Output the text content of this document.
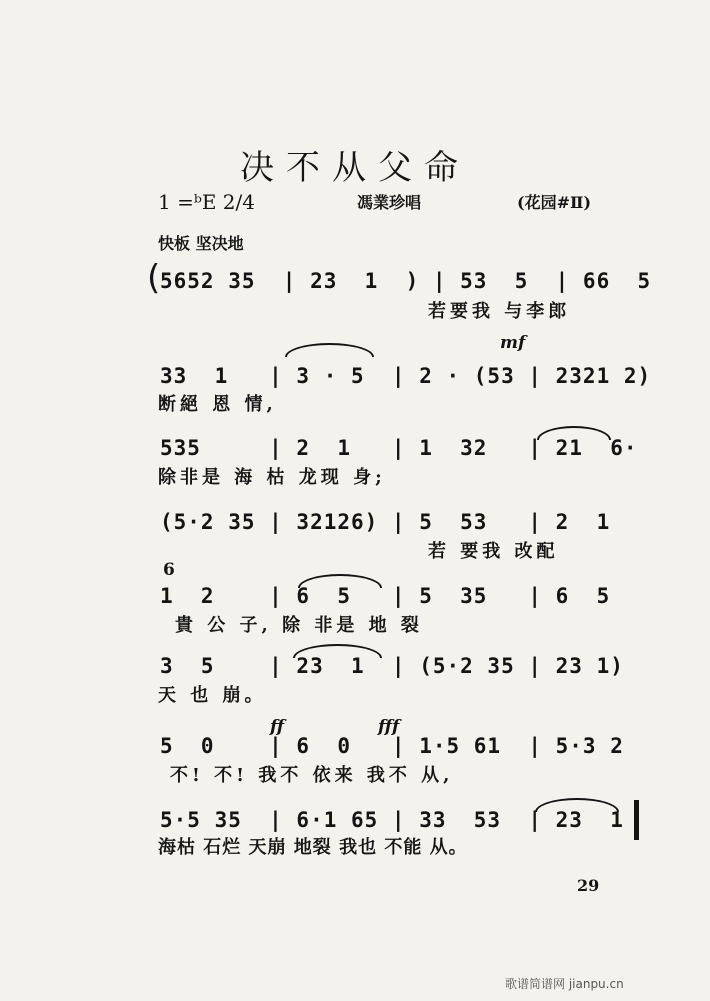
决不从父命
1 =ᵇE 2/4	馮業珍唱	(花园#Ⅱ)
快板 坚决地
( 5652 35  | 23  1  ) | 53  5  | 66  5
若要我 与李郎
mf
33  1   | 3 · 5  | 2 · (53 | 2321 2)
断絕 恩 情,
535     | 2  1   | 1  32   | 21  6·
除非是 海 枯 龙现 身;
(5·2 35 | 32126) | 5  53   | 2  1
若 要我 改配
6
1  2    | 6  5   | 5  35   | 6  5
貴 公 子, 除 非是 地 裂
3  5    | 23  1  | (5·2 35 | 23 1)
天 也 崩。
ff	fff
5  0    | 6  0   | 1·5 61  | 5·3 2
不! 不! 我不 依来 我不 从,
5·5 35  | 6·1 65 | 33  53  | 23  1
海枯 石烂 天崩 地裂 我也 不能 从。
29
歌谱简谱网 jianpu.cn
